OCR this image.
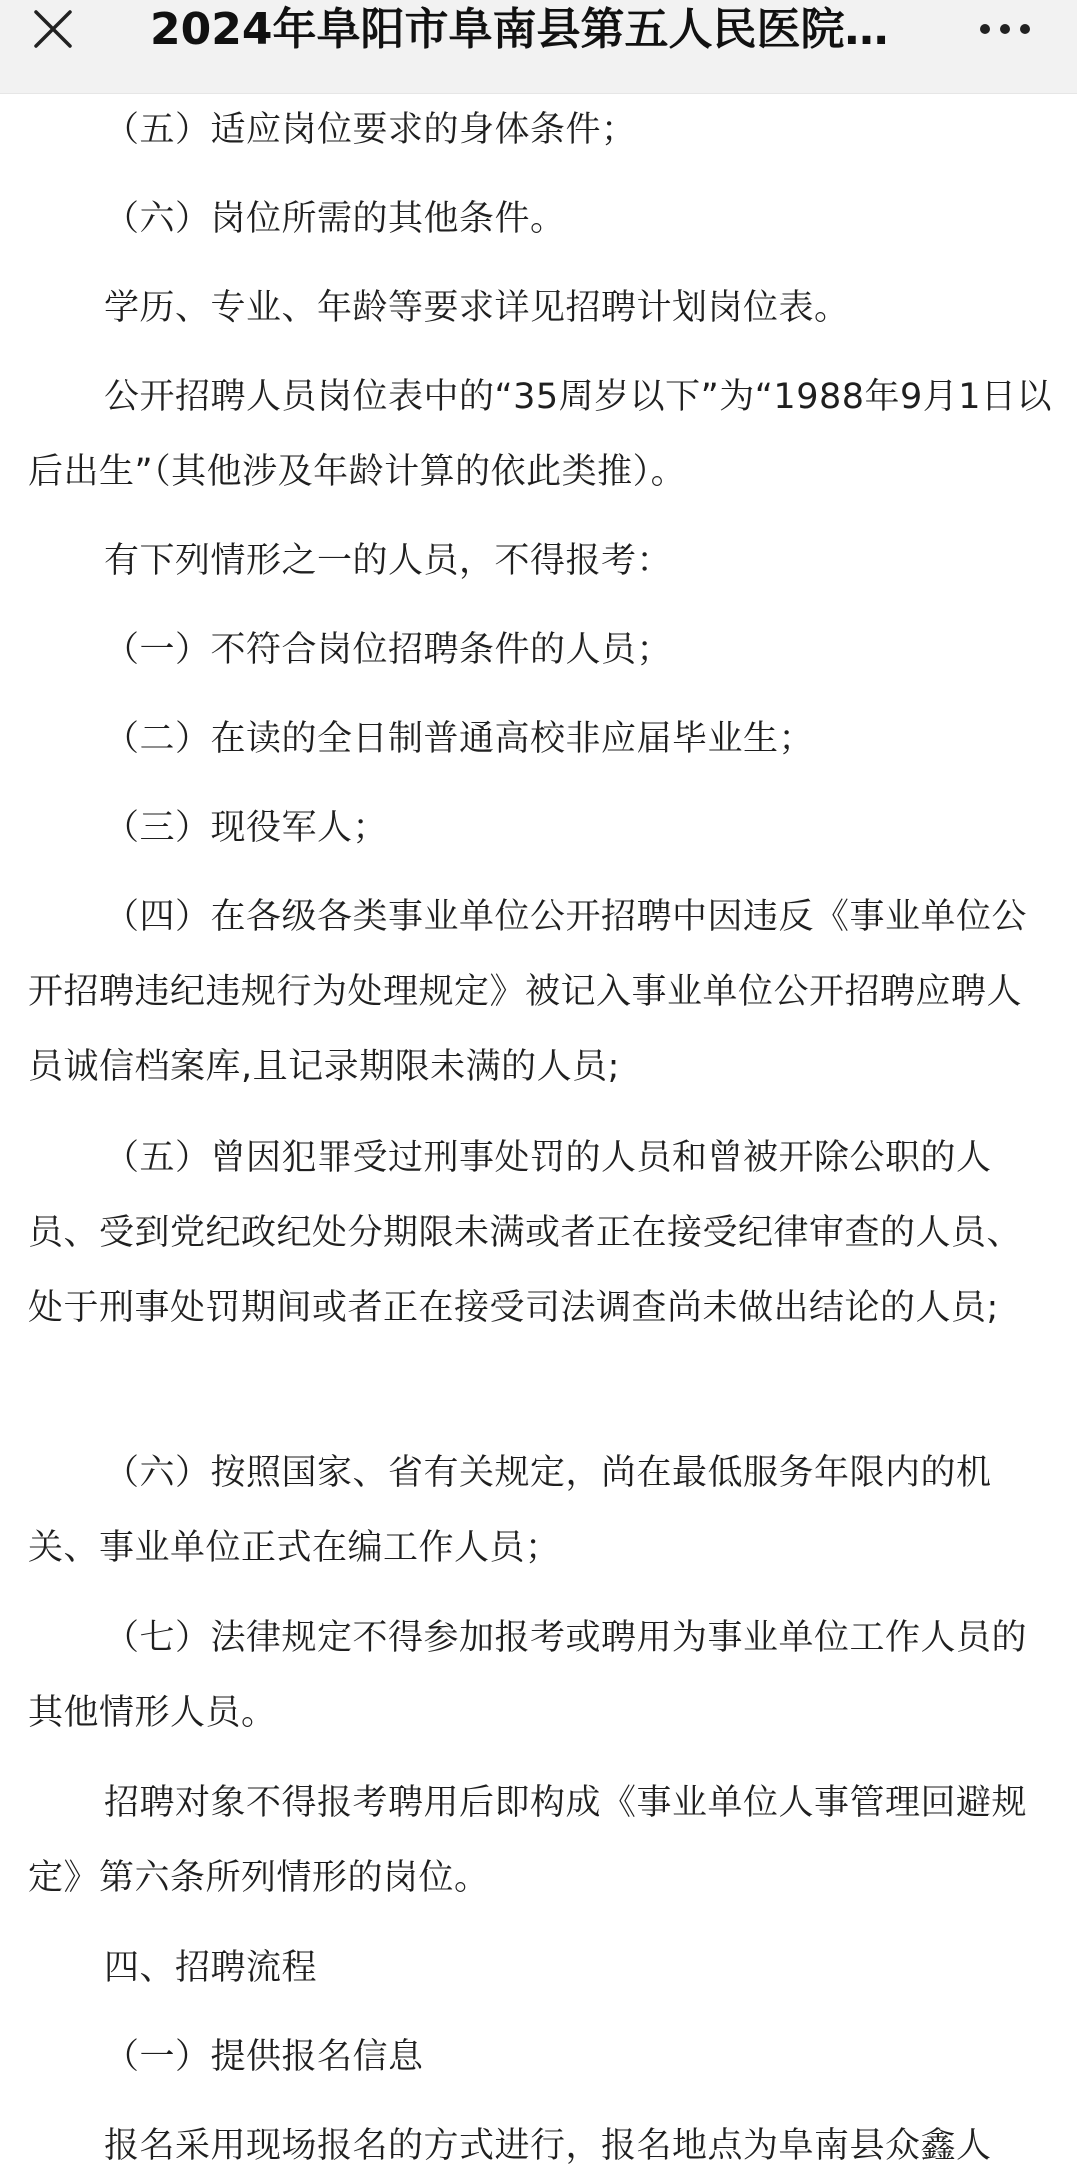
2024年阜阳市阜南县第五人民医院…

（五）适应岗位要求的身体条件；

（六）岗位所需的其他条件。

学历、专业、年龄等要求详见招聘计划岗位表。

公开招聘人员岗位表中的“35周岁以下”为“1988年9月1日以后出生”（其他涉及年龄计算的依此类推）。

有下列情形之一的人员，不得报考：

（一）不符合岗位招聘条件的人员；

（二）在读的全日制普通高校非应届毕业生；

（三）现役军人；

（四）在各级各类事业单位公开招聘中因违反《事业单位公开招聘违纪违规行为处理规定》被记入事业单位公开招聘应聘人员诚信档案库,且记录期限未满的人员;

（五）曾因犯罪受过刑事处罚的人员和曾被开除公职的人员、受到党纪政纪处分期限未满或者正在接受纪律审查的人员、处于刑事处罚期间或者正在接受司法调查尚未做出结论的人员;

（六）按照国家、省有关规定，尚在最低服务年限内的机关、事业单位正式在编工作人员；

（七）法律规定不得参加报考或聘用为事业单位工作人员的其他情形人员。

招聘对象不得报考聘用后即构成《事业单位人事管理回避规定》第六条所列情形的岗位。

四、招聘流程

（一）提供报名信息

报名采用现场报名的方式进行，报名地点为阜南县众鑫人
